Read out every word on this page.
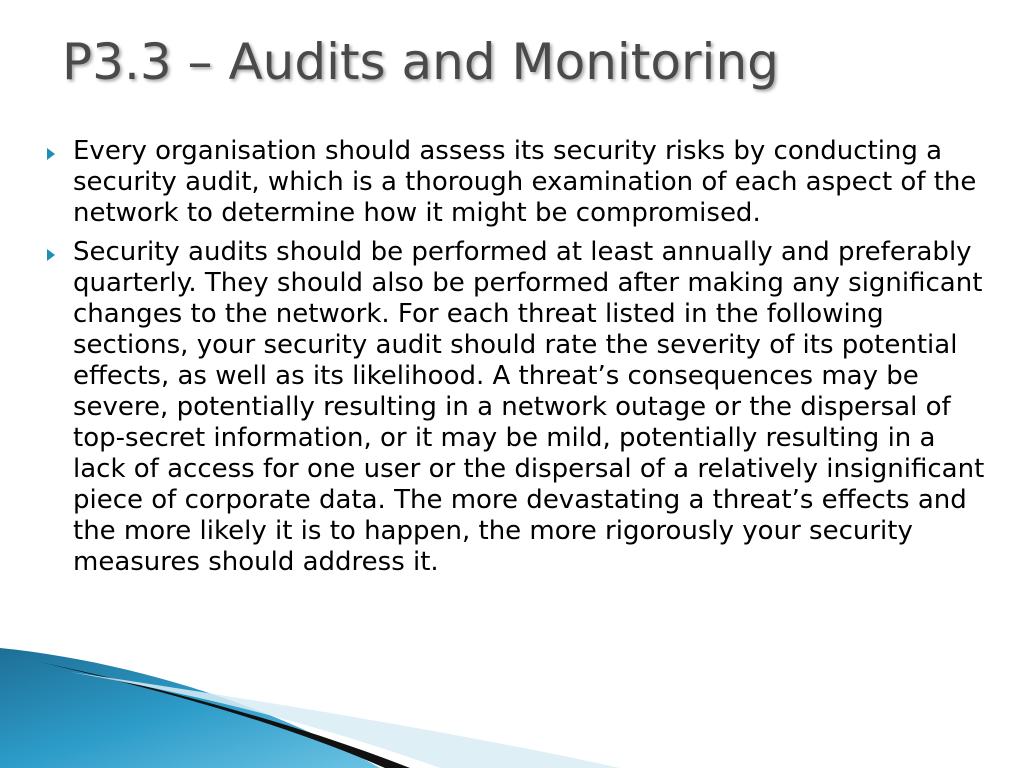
P3.3 – Audits and Monitoring
Every organisation should assess its security risks by conducting a security audit, which is a thorough examination of each aspect of the network to determine how it might be compromised.
Security audits should be performed at least annually and preferably quarterly. They should also be performed after making any significant changes to the network. For each threat listed in the following sections, your security audit should rate the severity of its potential effects, as well as its likelihood. A threat’s consequences may be severe, potentially resulting in a network outage or the dispersal of top-secret information, or it may be mild, potentially resulting in a lack of access for one user or the dispersal of a relatively insignificant piece of corporate data. The more devastating a threat’s effects and the more likely it is to happen, the more rigorously your security measures should address it.
